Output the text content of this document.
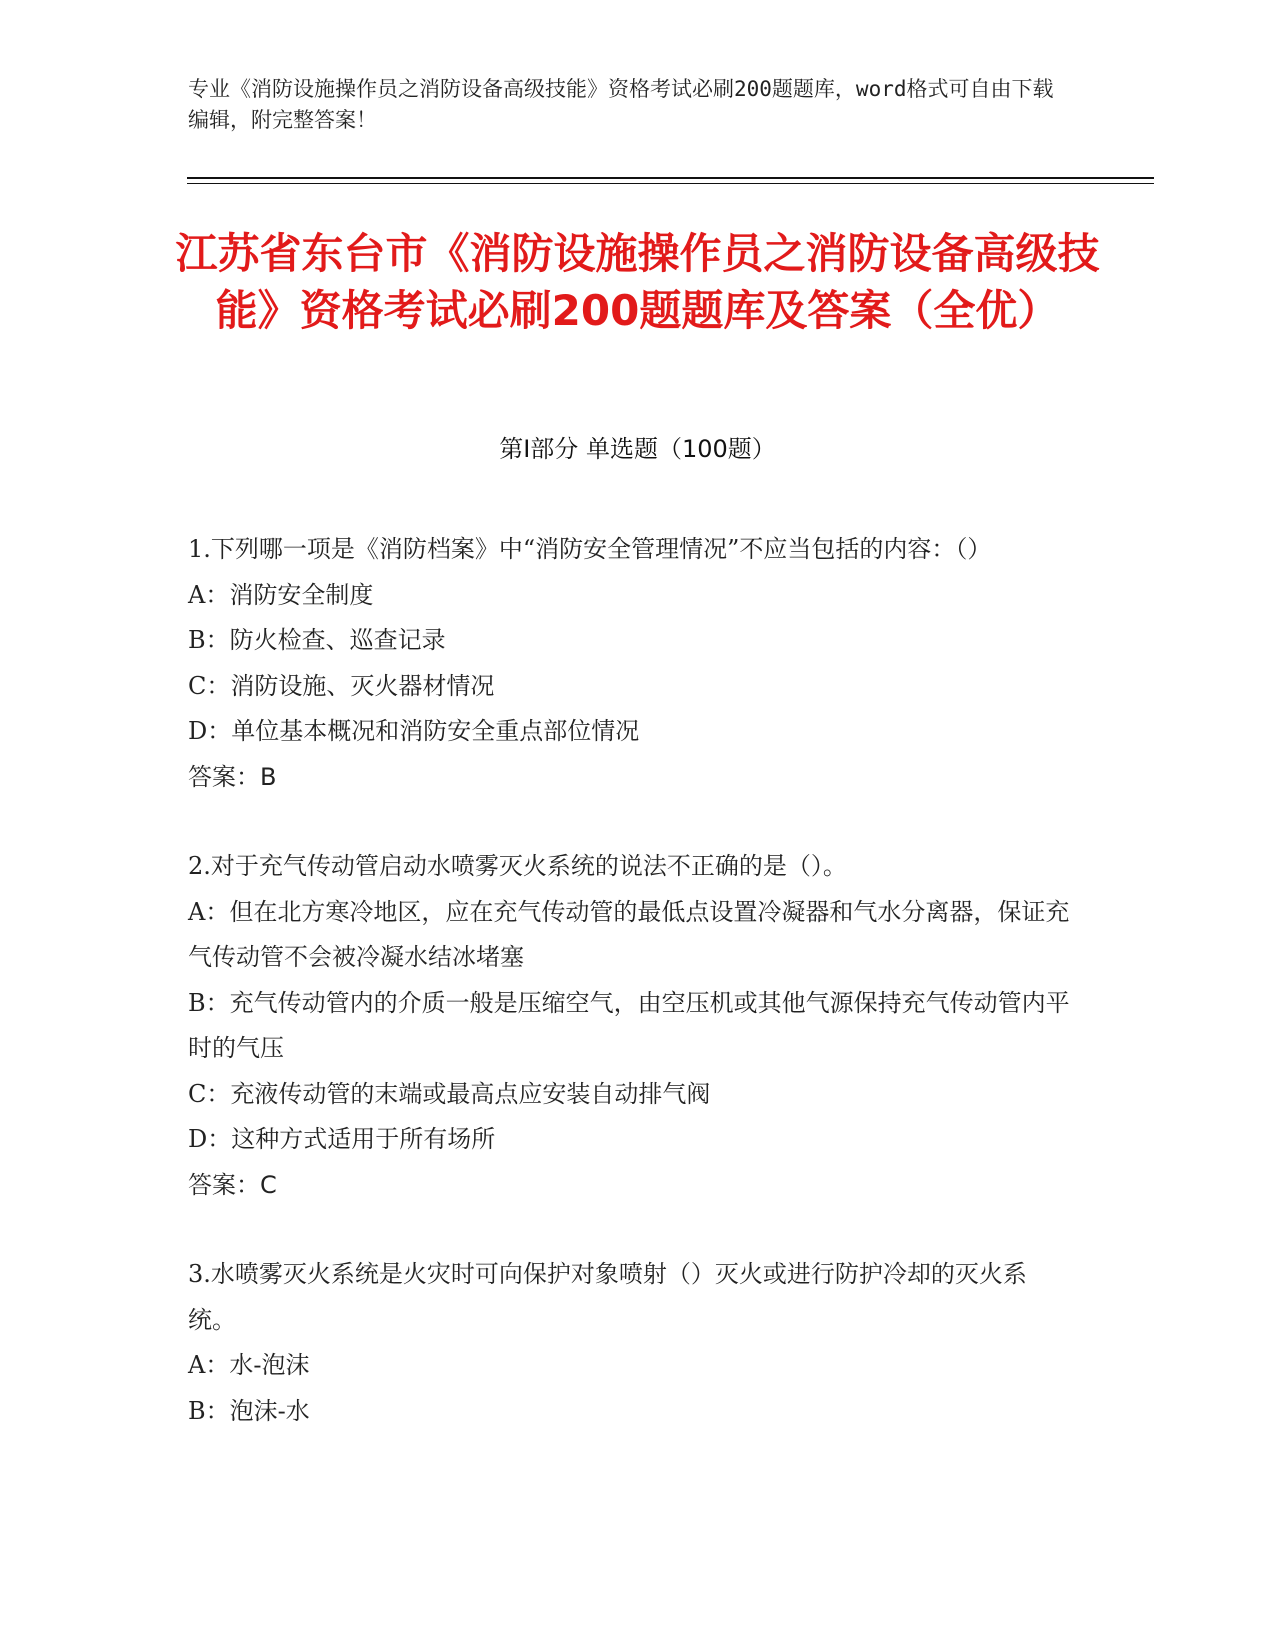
专业《消防设施操作员之消防设备高级技能》资格考试必刷200题题库，word格式可自由下载编辑，附完整答案！
江苏省东台市《消防设施操作员之消防设备高级技能》资格考试必刷200题题库及答案（全优）
第Ⅰ部分 单选题（100题）
1.下列哪一项是《消防档案》中“消防安全管理情况”不应当包括的内容：（）
A：消防安全制度
B：防火检查、巡查记录
C：消防设施、灭火器材情况
D：单位基本概况和消防安全重点部位情况
答案：B
2.对于充气传动管启动水喷雾灭火系统的说法不正确的是（）。
A：但在北方寒冷地区，应在充气传动管的最低点设置冷凝器和气水分离器，保证充气传动管不会被冷凝水结冰堵塞
B：充气传动管内的介质一般是压缩空气，由空压机或其他气源保持充气传动管内平时的气压
C：充液传动管的末端或最高点应安装自动排气阀
D：这种方式适用于所有场所
答案：C
3.水喷雾灭火系统是火灾时可向保护对象喷射（）灭火或进行防护冷却的灭火系统。
A：水-泡沫
B：泡沫-水
